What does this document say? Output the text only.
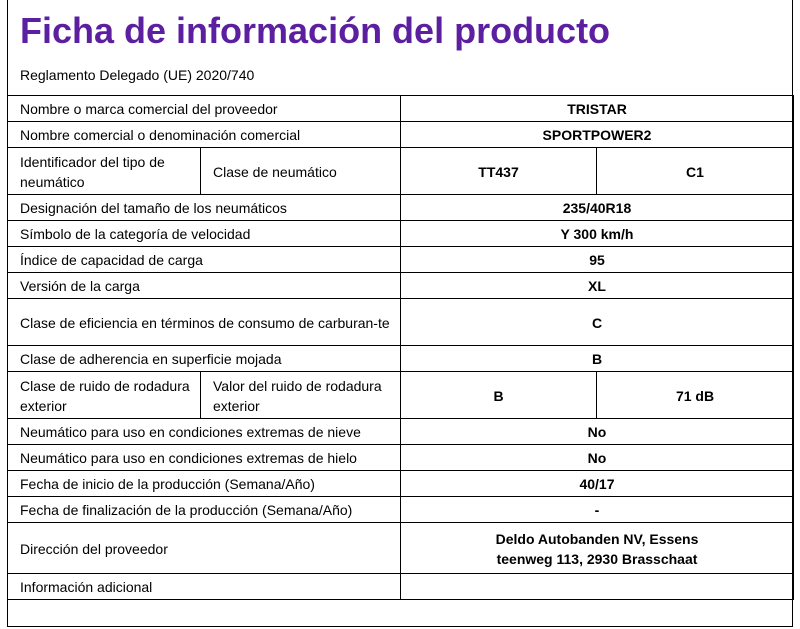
Ficha de información del producto
Reglamento Delegado (UE) 2020/740
Nombre o marca comercial del proveedor		TRISTAR	
Nombre comercial o denominación comercial		SPORTPOWER2	
Identificador del tipo de neumático	Clase de neumático	TT437	C1
Designación del tamaño de los neumáticos		235/40R18	
Símbolo de la categoría de velocidad		Y 300 km/h	
Índice de capacidad de carga		95	
Versión de la carga		XL	
Clase de eficiencia en términos de consumo de carburan-te		C	
Clase de adherencia en superficie mojada		B	
Clase de ruido de rodadura exterior	Valor del ruido de rodadura exterior	B	71 dB
Neumático para uso en condiciones extremas de nieve		No	
Neumático para uso en condiciones extremas de hielo		No	
Fecha de inicio de la producción (Semana/Año)		40/17	
Fecha de finalización de la producción (Semana/Año)		-	
Dirección del proveedor		Deldo Autobanden NV, Essens
teenweg 113, 2930 Brasschaat	

Información adicional			
